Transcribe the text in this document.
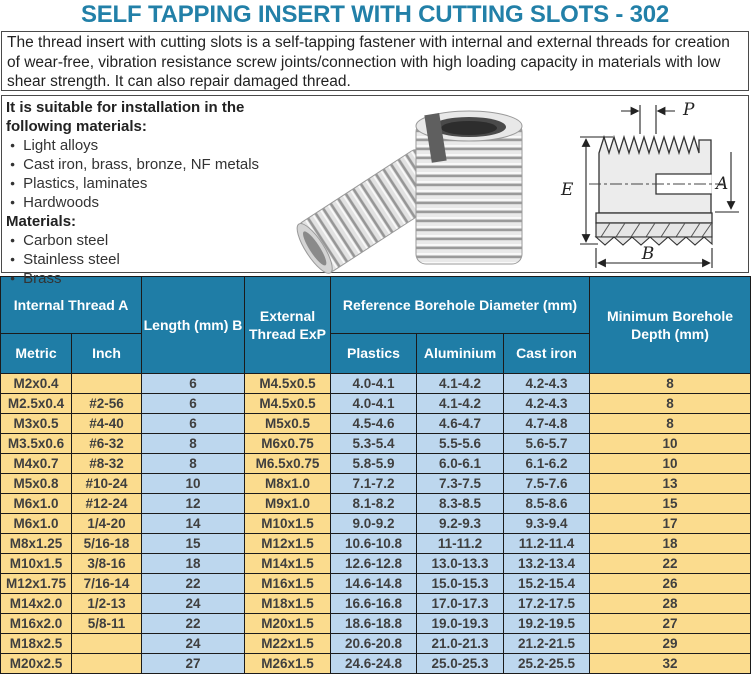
SELF TAPPING INSERT WITH CUTTING SLOTS - 302
The thread insert with cutting slots is a self-tapping fastener with internal and external threads for creation of wear-free, vibration resistance screw joints/connection with high loading capacity in materials with low shear strength. It can also repair damaged thread.
It is suitable for installation in the following materials:
● Light alloys
● Cast iron, brass, bronze, NF metals
● Plastics, laminates
● Hardwoods
Materials:
● Carbon steel
● Stainless steel
● Brass
P
E	A
B
Internal Thread A		Length (mm) B	External Thread ExP	Reference Borehole Diameter (mm)			Minimum Borehole Depth (mm)
Metric	Inch			Plastics	Aluminium	Cast iron	
M2x0.4		6	M4.5x0.5	4.0-4.1	4.1-4.2	4.2-4.3	8
M2.5x0.4	#2-56	6	M4.5x0.5	4.0-4.1	4.1-4.2	4.2-4.3	8
M3x0.5	#4-40	6	M5x0.5	4.5-4.6	4.6-4.7	4.7-4.8	8
M3.5x0.6	#6-32	8	M6x0.75	5.3-5.4	5.5-5.6	5.6-5.7	10
M4x0.7	#8-32	8	M6.5x0.75	5.8-5.9	6.0-6.1	6.1-6.2	10
M5x0.8	#10-24	10	M8x1.0	7.1-7.2	7.3-7.5	7.5-7.6	13
M6x1.0	#12-24	12	M9x1.0	8.1-8.2	8.3-8.5	8.5-8.6	15
M6x1.0	1/4-20	14	M10x1.5	9.0-9.2	9.2-9.3	9.3-9.4	17
M8x1.25	5/16-18	15	M12x1.5	10.6-10.8	11-11.2	11.2-11.4	18
M10x1.5	3/8-16	18	M14x1.5	12.6-12.8	13.0-13.3	13.2-13.4	22
M12x1.75	7/16-14	22	M16x1.5	14.6-14.8	15.0-15.3	15.2-15.4	26
M14x2.0	1/2-13	24	M18x1.5	16.6-16.8	17.0-17.3	17.2-17.5	28
M16x2.0	5/8-11	22	M20x1.5	18.6-18.8	19.0-19.3	19.2-19.5	27
M18x2.5		24	M22x1.5	20.6-20.8	21.0-21.3	21.2-21.5	29
M20x2.5		27	M26x1.5	24.6-24.8	25.0-25.3	25.2-25.5	32
